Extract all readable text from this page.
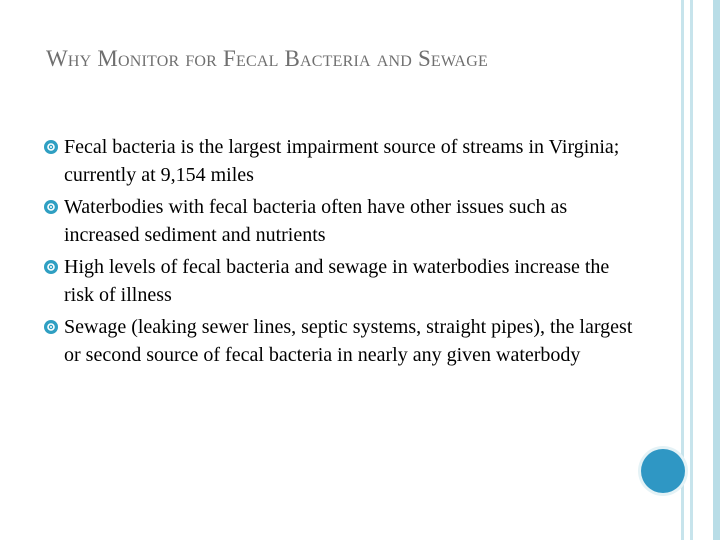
Why Monitor for Fecal Bacteria and Sewage
Fecal bacteria is the largest impairment source of streams in Virginia; currently at 9,154 miles
Waterbodies with fecal bacteria often have other issues such as increased sediment and nutrients
High levels of fecal bacteria and sewage in waterbodies increase the risk of illness
Sewage (leaking sewer lines, septic systems, straight pipes), the largest or second source of fecal bacteria in nearly any given waterbody
